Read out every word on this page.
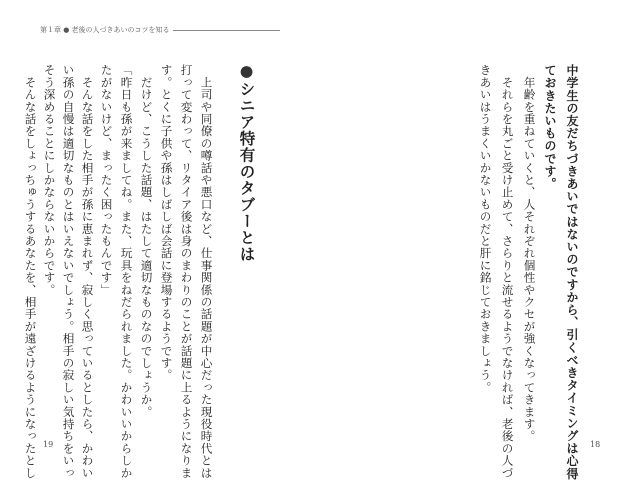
第１章 ● 老後の人づきあいのコツを知る
中学生の友だちづきあいではないのですから、引くべきタイミングは心得
ておきたいものです。
　年齢を重ねていくと、人それぞれ個性やクセが強くなってきます。
　それらを丸ごと受け止めて、さらりと流せるようでなければ、老後の人づ
きあいはうまくいかないものだと肝に銘じておきましょう。
●シニア特有のタブーとは
　上司や同僚の噂話や悪口など、仕事関係の話題が中心だった現役時代とは
打って変わって、リタイア後は身のまわりのことが話題に上るようになりま
す。とくに子供や孫はしばしば会話に登場するようです。
　だけど、こうした話題、はたして適切なものなのでしょうか。
「昨日も孫が来ましてね。また、玩具をねだられました。かわいいからしか
たがないけど、まったく困ったもんです」
　そんな話をした相手が孫に恵まれず、寂しく思っているとしたら、かわい
い孫の自慢は適切なものとはいえないでしょう。相手の寂しい気持ちをいっ
そう深めることにしかならないからです。
　そんな話をしょっちゅうするあなたを、相手が遠ざけるようになったとし 19	18
